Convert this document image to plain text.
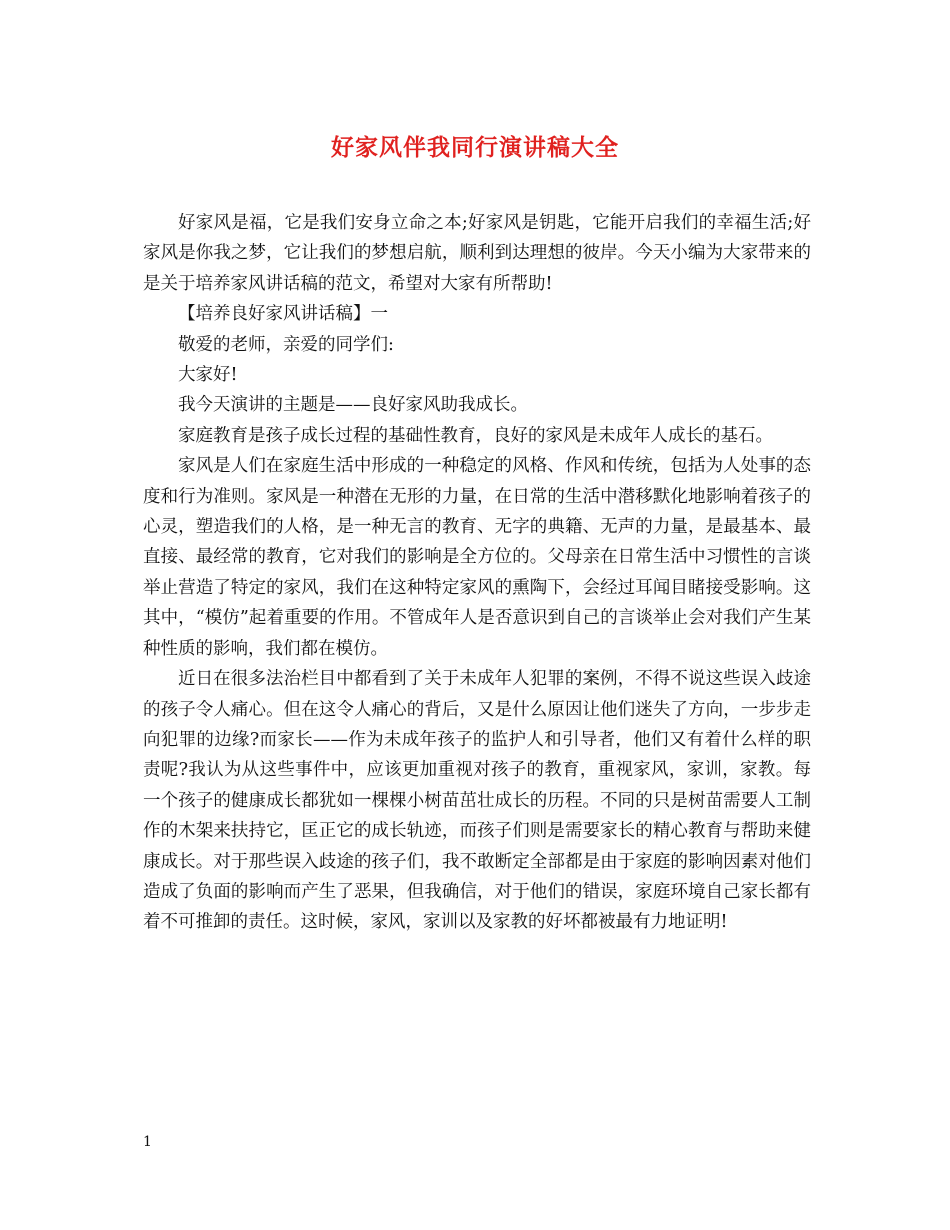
好家风伴我同行演讲稿大全

好家风是福，它是我们安身立命之本;好家风是钥匙，它能开启我们的幸福生活;好家风是你我之梦，它让我们的梦想启航，顺利到达理想的彼岸。今天小编为大家带来的是关于培养家风讲话稿的范文，希望对大家有所帮助!

【培养良好家风讲话稿】一

敬爱的老师，亲爱的同学们:

大家好!

我今天演讲的主题是——良好家风助我成长。

家庭教育是孩子成长过程的基础性教育，良好的家风是未成年人成长的基石。

家风是人们在家庭生活中形成的一种稳定的风格、作风和传统，包括为人处事的态度和行为准则。家风是一种潜在无形的力量，在日常的生活中潜移默化地影响着孩子的心灵，塑造我们的人格，是一种无言的教育、无字的典籍、无声的力量，是最基本、最直接、最经常的教育，它对我们的影响是全方位的。父母亲在日常生活中习惯性的言谈举止营造了特定的家风，我们在这种特定家风的熏陶下，会经过耳闻目睹接受影响。这其中，“模仿”起着重要的作用。不管成年人是否意识到自己的言谈举止会对我们产生某种性质的影响，我们都在模仿。

近日在很多法治栏目中都看到了关于未成年人犯罪的案例，不得不说这些误入歧途的孩子令人痛心。但在这令人痛心的背后，又是什么原因让他们迷失了方向，一步步走向犯罪的边缘?而家长——作为未成年孩子的监护人和引导者，他们又有着什么样的职责呢?我认为从这些事件中，应该更加重视对孩子的教育，重视家风，家训，家教。每一个孩子的健康成长都犹如一棵棵小树苗茁壮成长的历程。不同的只是树苗需要人工制作的木架来扶持它，匡正它的成长轨迹，而孩子们则是需要家长的精心教育与帮助来健康成长。对于那些误入歧途的孩子们，我不敢断定全部都是由于家庭的影响因素对他们造成了负面的影响而产生了恶果，但我确信，对于他们的错误，家庭环境自己家长都有着不可推卸的责任。这时候，家风，家训以及家教的好坏都被最有力地证明!

1
